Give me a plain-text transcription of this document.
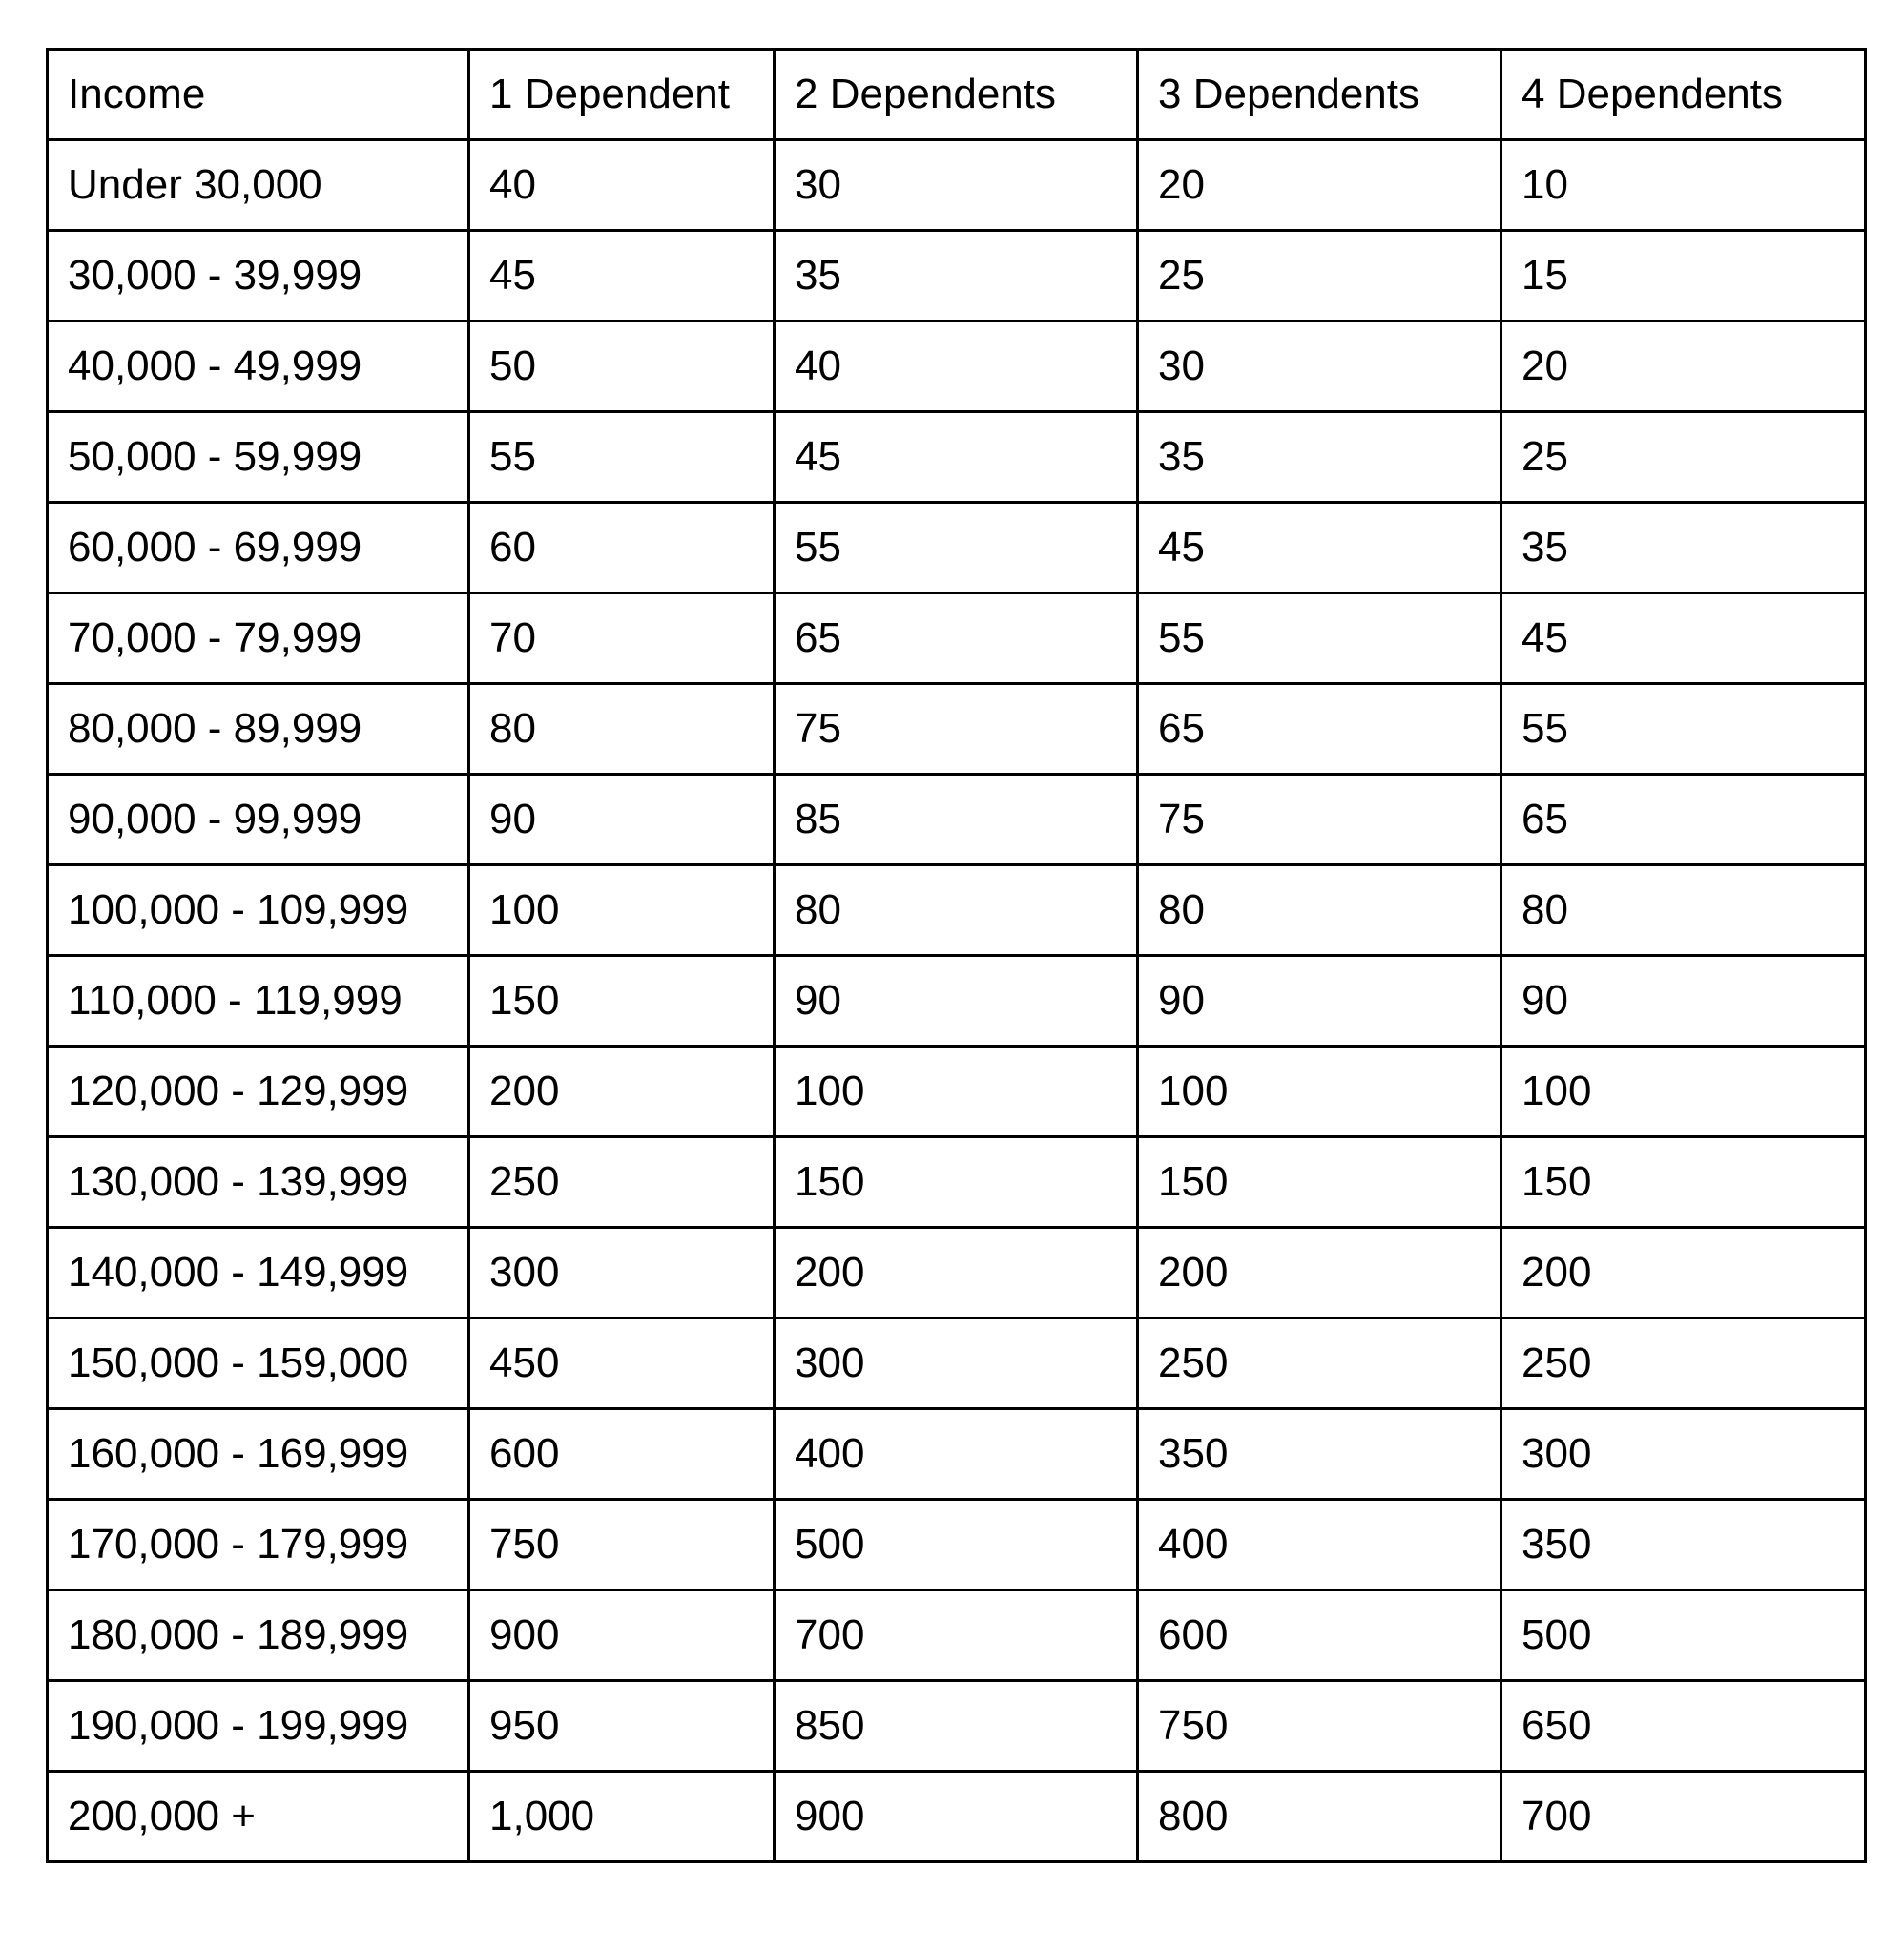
Income	1 Dependent	2 Dependents	3 Dependents	4 Dependents
Under 30,000	40	30	20	10
30,000 - 39,999	45	35	25	15
40,000 - 49,999	50	40	30	20
50,000 - 59,999	55	45	35	25
60,000 - 69,999	60	55	45	35
70,000 - 79,999	70	65	55	45
80,000 - 89,999	80	75	65	55
90,000 - 99,999	90	85	75	65
100,000 - 109,999	100	80	80	80
110,000 - 119,999	150	90	90	90
120,000 - 129,999	200	100	100	100
130,000 - 139,999	250	150	150	150
140,000 - 149,999	300	200	200	200
150,000 - 159,000	450	300	250	250
160,000 - 169,999	600	400	350	300
170,000 - 179,999	750	500	400	350
180,000 - 189,999	900	700	600	500
190,000 - 199,999	950	850	750	650
200,000 +	1,000	900	800	700
